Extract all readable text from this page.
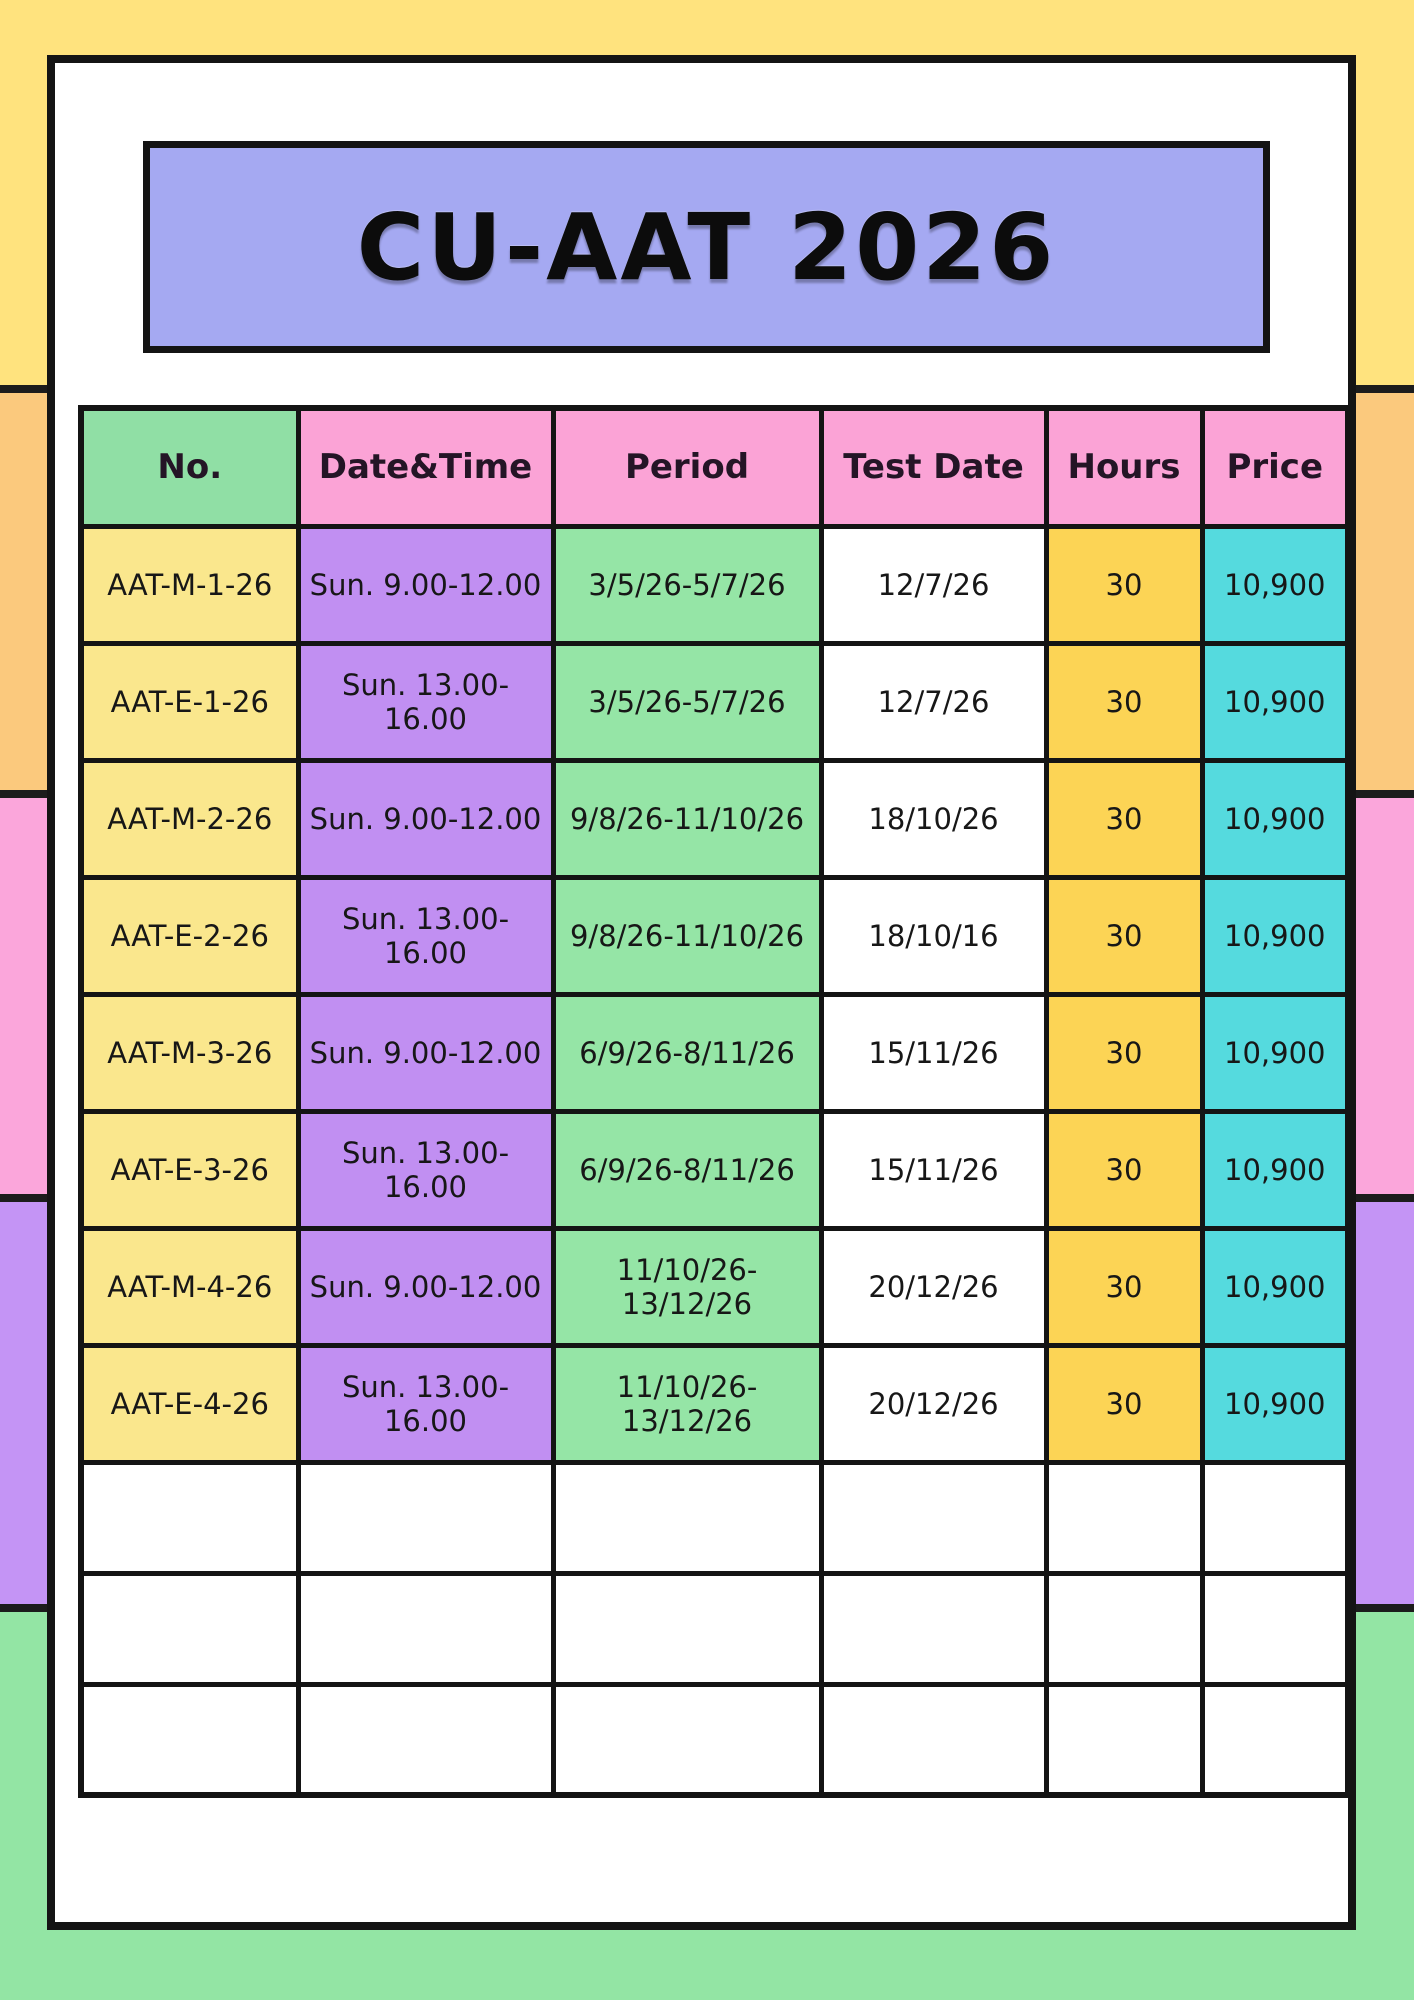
CU-AAT 2026
No.	Date&Time	Period	Test Date	Hours	Price
AAT-M-1-26	Sun. 9.00-12.00	3/5/26-5/7/26	12/7/26	30	10,900
AAT-E-1-26	Sun. 13.00-16.00	3/5/26-5/7/26	12/7/26	30	10,900
AAT-M-2-26	Sun. 9.00-12.00	9/8/26-11/10/26	18/10/26	30	10,900
AAT-E-2-26	Sun. 13.00-16.00	9/8/26-11/10/26	18/10/16	30	10,900
AAT-M-3-26	Sun. 9.00-12.00	6/9/26-8/11/26	15/11/26	30	10,900
AAT-E-3-26	Sun. 13.00-16.00	6/9/26-8/11/26	15/11/26	30	10,900
AAT-M-4-26	Sun. 9.00-12.00	11/10/26-13/12/26	20/12/26	30	10,900
AAT-E-4-26	Sun. 13.00-16.00	11/10/26-13/12/26	20/12/26	30	10,900
